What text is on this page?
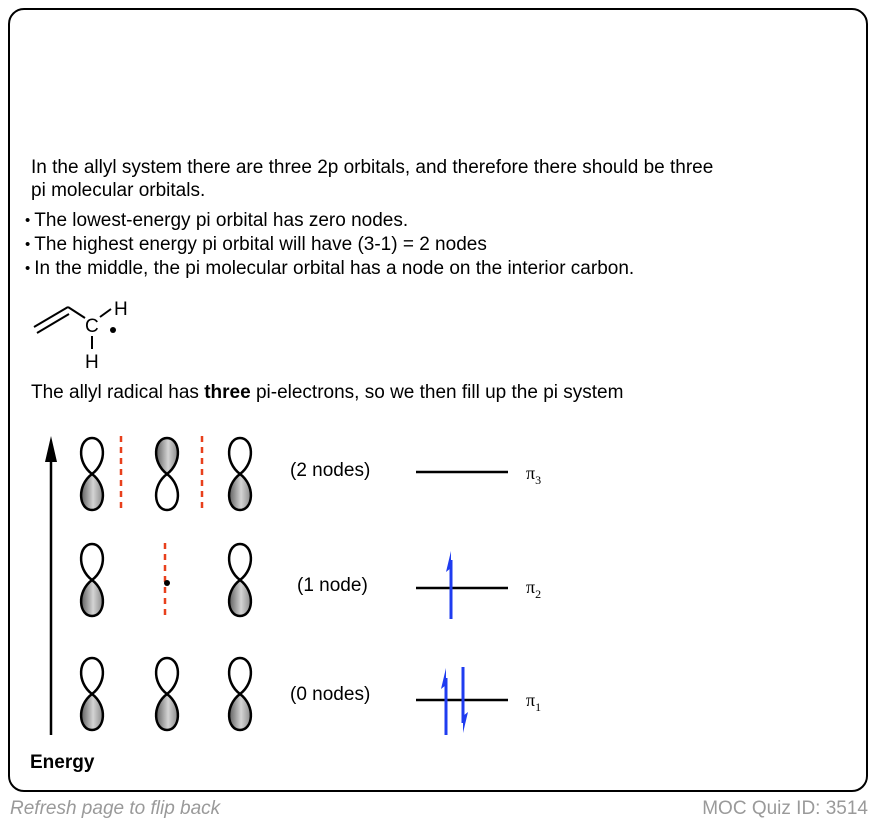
In the allyl system there are three 2p orbitals, and therefore there should be three
pi molecular orbitals.
• The lowest-energy pi orbital has zero nodes.
• The highest energy pi orbital will have (3-1) = 2 nodes
• In the middle, the pi molecular orbital has a node on the interior carbon.
The allyl radical has three pi-electrons, so we then fill up the pi system
C
H
H
$\pi_3$
$\pi_2$
$\pi_1$
(2 nodes)
(1 node)
(0 nodes)
Energy
Refresh page to flip back	MOC Quiz ID: 3514
